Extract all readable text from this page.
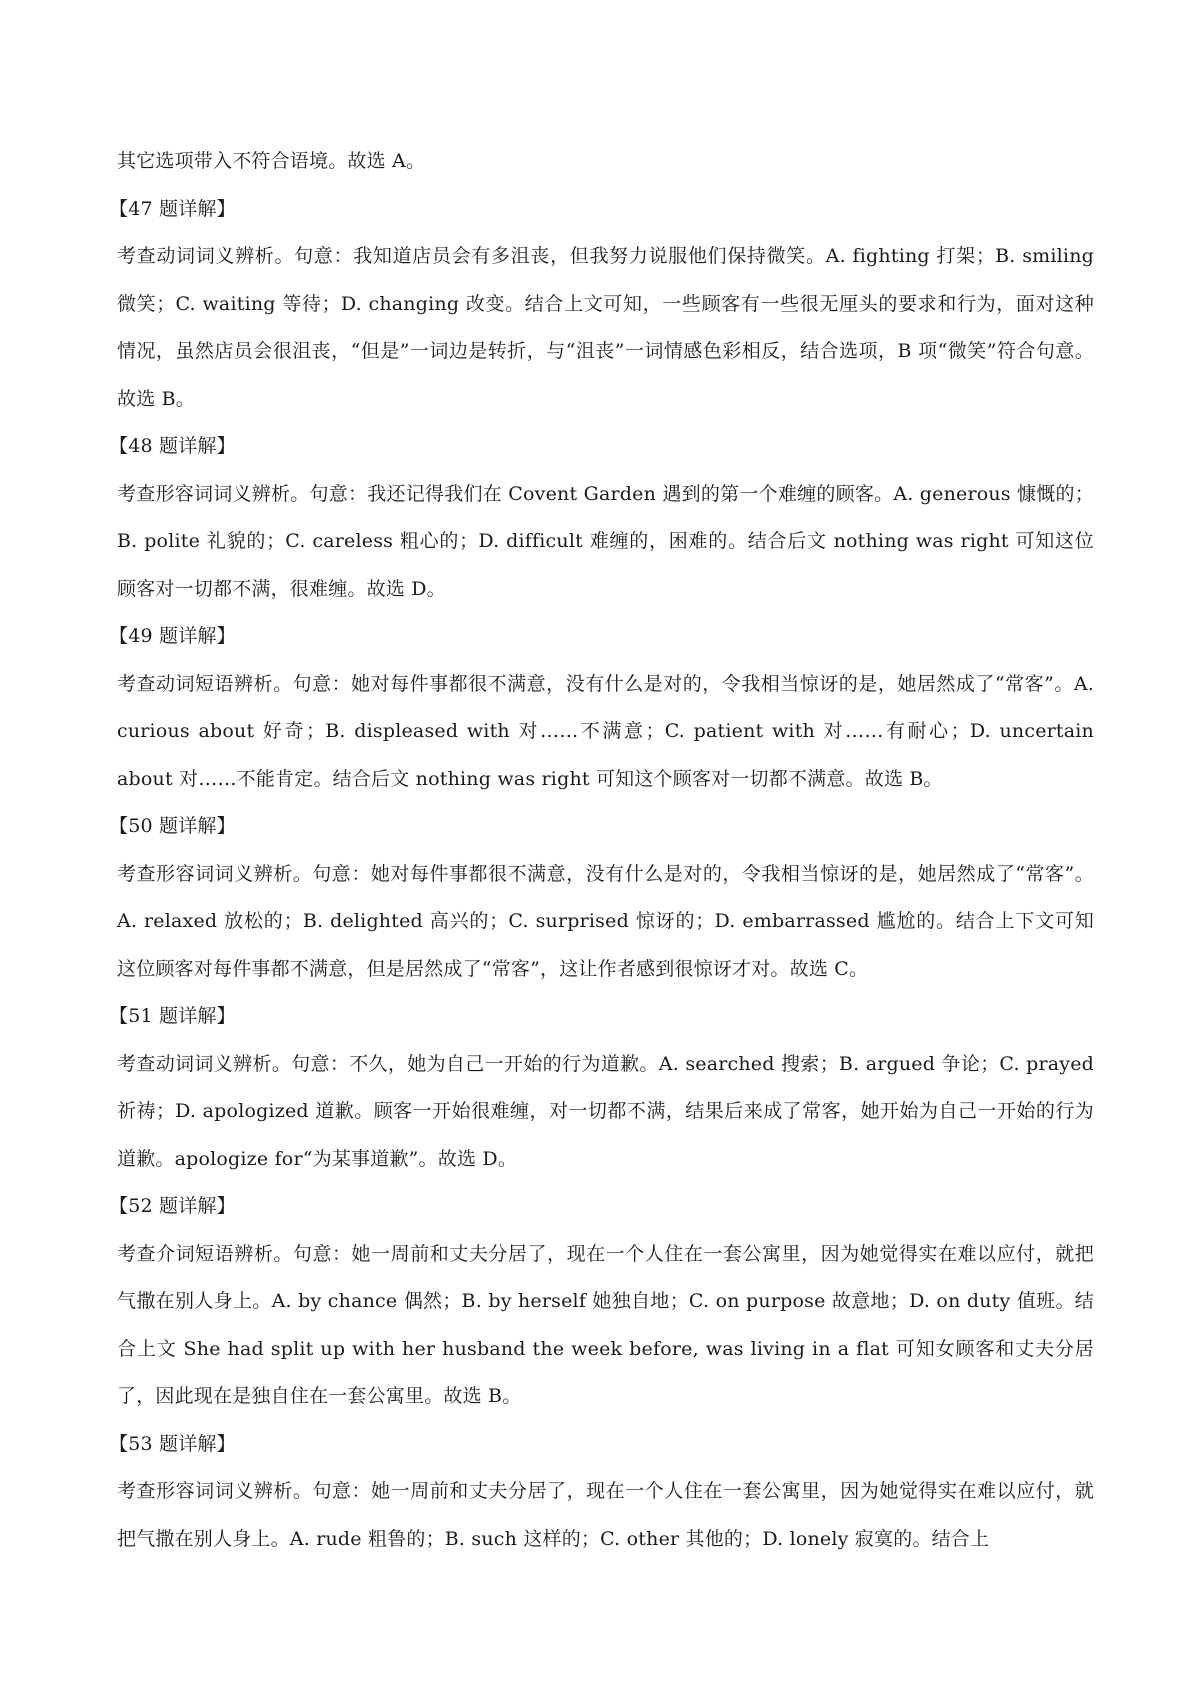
其它选项带入不符合语境。故选 A。

【47 题详解】

考查动词词义辨析。句意：我知道店员会有多沮丧，但我努力说服他们保持微笑。A. fighting 打架；B. smiling 微笑；C. waiting 等待；D. changing 改变。结合上文可知，一些顾客有一些很无厘头的要求和行为，面对这种情况，虽然店员会很沮丧，“但是”一词边是转折，与“沮丧”一词情感色彩相反，结合选项，B 项“微笑”符合句意。故选 B。

【48 题详解】

考查形容词词义辨析。句意：我还记得我们在 Covent Garden 遇到的第一个难缠的顾客。A. generous 慷慨的；B. polite 礼貌的；C. careless 粗心的；D. difficult 难缠的，困难的。结合后文 nothing was right 可知这位顾客对一切都不满，很难缠。故选 D。

【49 题详解】

考查动词短语辨析。句意：她对每件事都很不满意，没有什么是对的，令我相当惊讶的是，她居然成了“常客”。A. curious about 好奇；B. displeased with 对……不满意；C. patient with 对……有耐心；D. uncertain about 对……不能肯定。结合后文 nothing was right 可知这个顾客对一切都不满意。故选 B。

【50 题详解】

考查形容词词义辨析。句意：她对每件事都很不满意，没有什么是对的，令我相当惊讶的是，她居然成了“常客”。A. relaxed 放松的；B. delighted 高兴的；C. surprised 惊讶的；D. embarrassed 尴尬的。结合上下文可知这位顾客对每件事都不满意，但是居然成了“常客”，这让作者感到很惊讶才对。故选 C。

【51 题详解】

考查动词词义辨析。句意：不久，她为自己一开始的行为道歉。A. searched 搜索；B. argued 争论；C. prayed 祈祷；D. apologized 道歉。顾客一开始很难缠，对一切都不满，结果后来成了常客，她开始为自己一开始的行为道歉。apologize for“为某事道歉”。故选 D。

【52 题详解】

考查介词短语辨析。句意：她一周前和丈夫分居了，现在一个人住在一套公寓里，因为她觉得实在难以应付，就把气撒在别人身上。A. by chance 偶然；B. by herself 她独自地；C. on purpose 故意地；D. on duty 值班。结合上文 She had split up with her husband the week before, was living in a flat 可知女顾客和丈夫分居了，因此现在是独自住在一套公寓里。故选 B。

【53 题详解】

考查形容词词义辨析。句意：她一周前和丈夫分居了，现在一个人住在一套公寓里，因为她觉得实在难以应付，就把气撒在别人身上。A. rude 粗鲁的；B. such 这样的；C. other 其他的；D. lonely 寂寞的。结合上
